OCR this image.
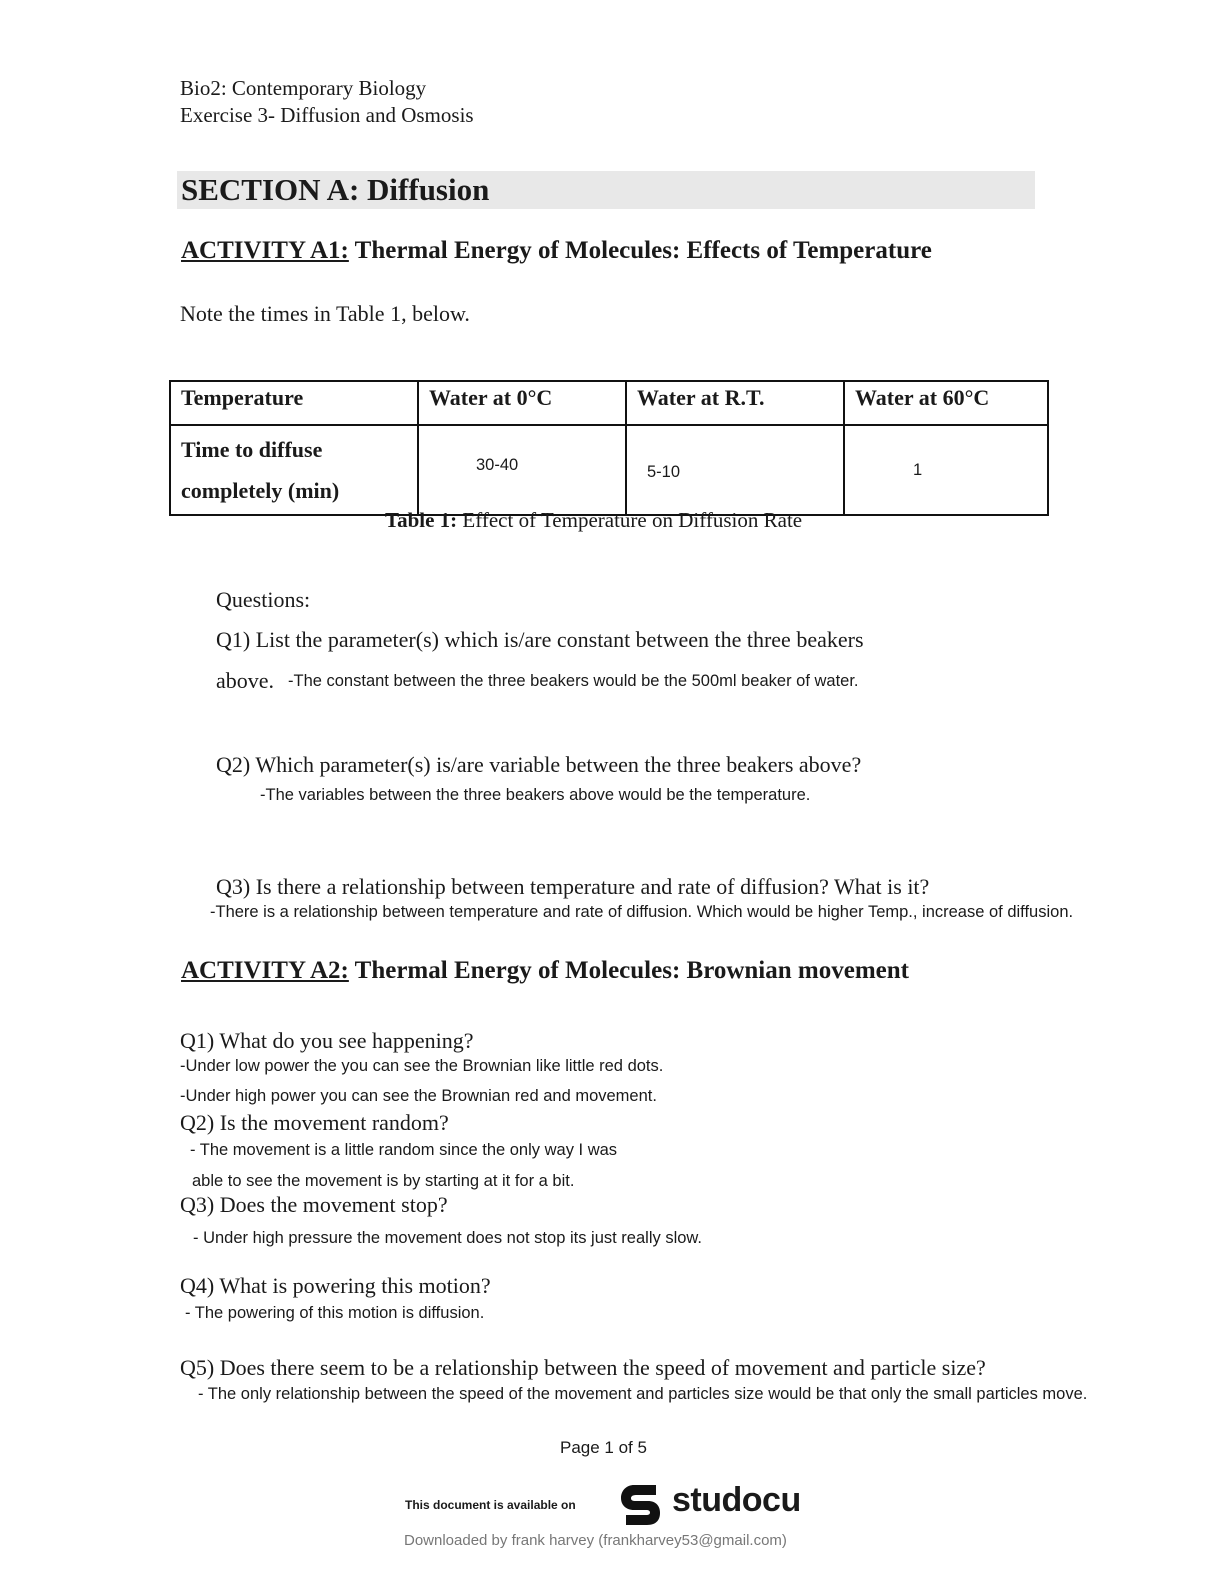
Bio2: Contemporary Biology
Exercise 3- Diffusion and Osmosis
SECTION A: Diffusion
ACTIVITY A1: Thermal Energy of Molecules: Effects of Temperature
Note the times in Table 1, below.
Temperature	Water at 0°C	Water at R.T.	Water at 60°C

Time to diffuse
completely (min)	30-40	5-10	1
Table 1: Effect of Temperature on Diffusion Rate
Questions:
Q1) List the parameter(s) which is/are constant between the three beakers
above. -The constant between the three beakers would be the 500ml beaker of water.
Q2) Which parameter(s) is/are variable between the three beakers above?
-The variables between the three beakers above would be the temperature.
Q3) Is there a relationship between temperature and rate of diffusion? What is it?
-There is a relationship between temperature and rate of diffusion. Which would be higher Temp., increase of diffusion.
ACTIVITY A2: Thermal Energy of Molecules: Brownian movement
Q1) What do you see happening?
-Under low power the you can see the Brownian like little red dots.
-Under high power you can see the Brownian red and movement.
Q2) Is the movement random?
- The movement is a little random since the only way I was
able to see the movement is by starting at it for a bit.
Q3) Does the movement stop?
- Under high pressure the movement does not stop its just really slow.
Q4) What is powering this motion?
- The powering of this motion is diffusion.
Q5) Does there seem to be a relationship between the speed of movement and particle size?
- The only relationship between the speed of the movement and particles size would be that only the small particles move.
Page 1 of 5
This document is available on	studocu
Downloaded by frank harvey (frankharvey53@gmail.com)
